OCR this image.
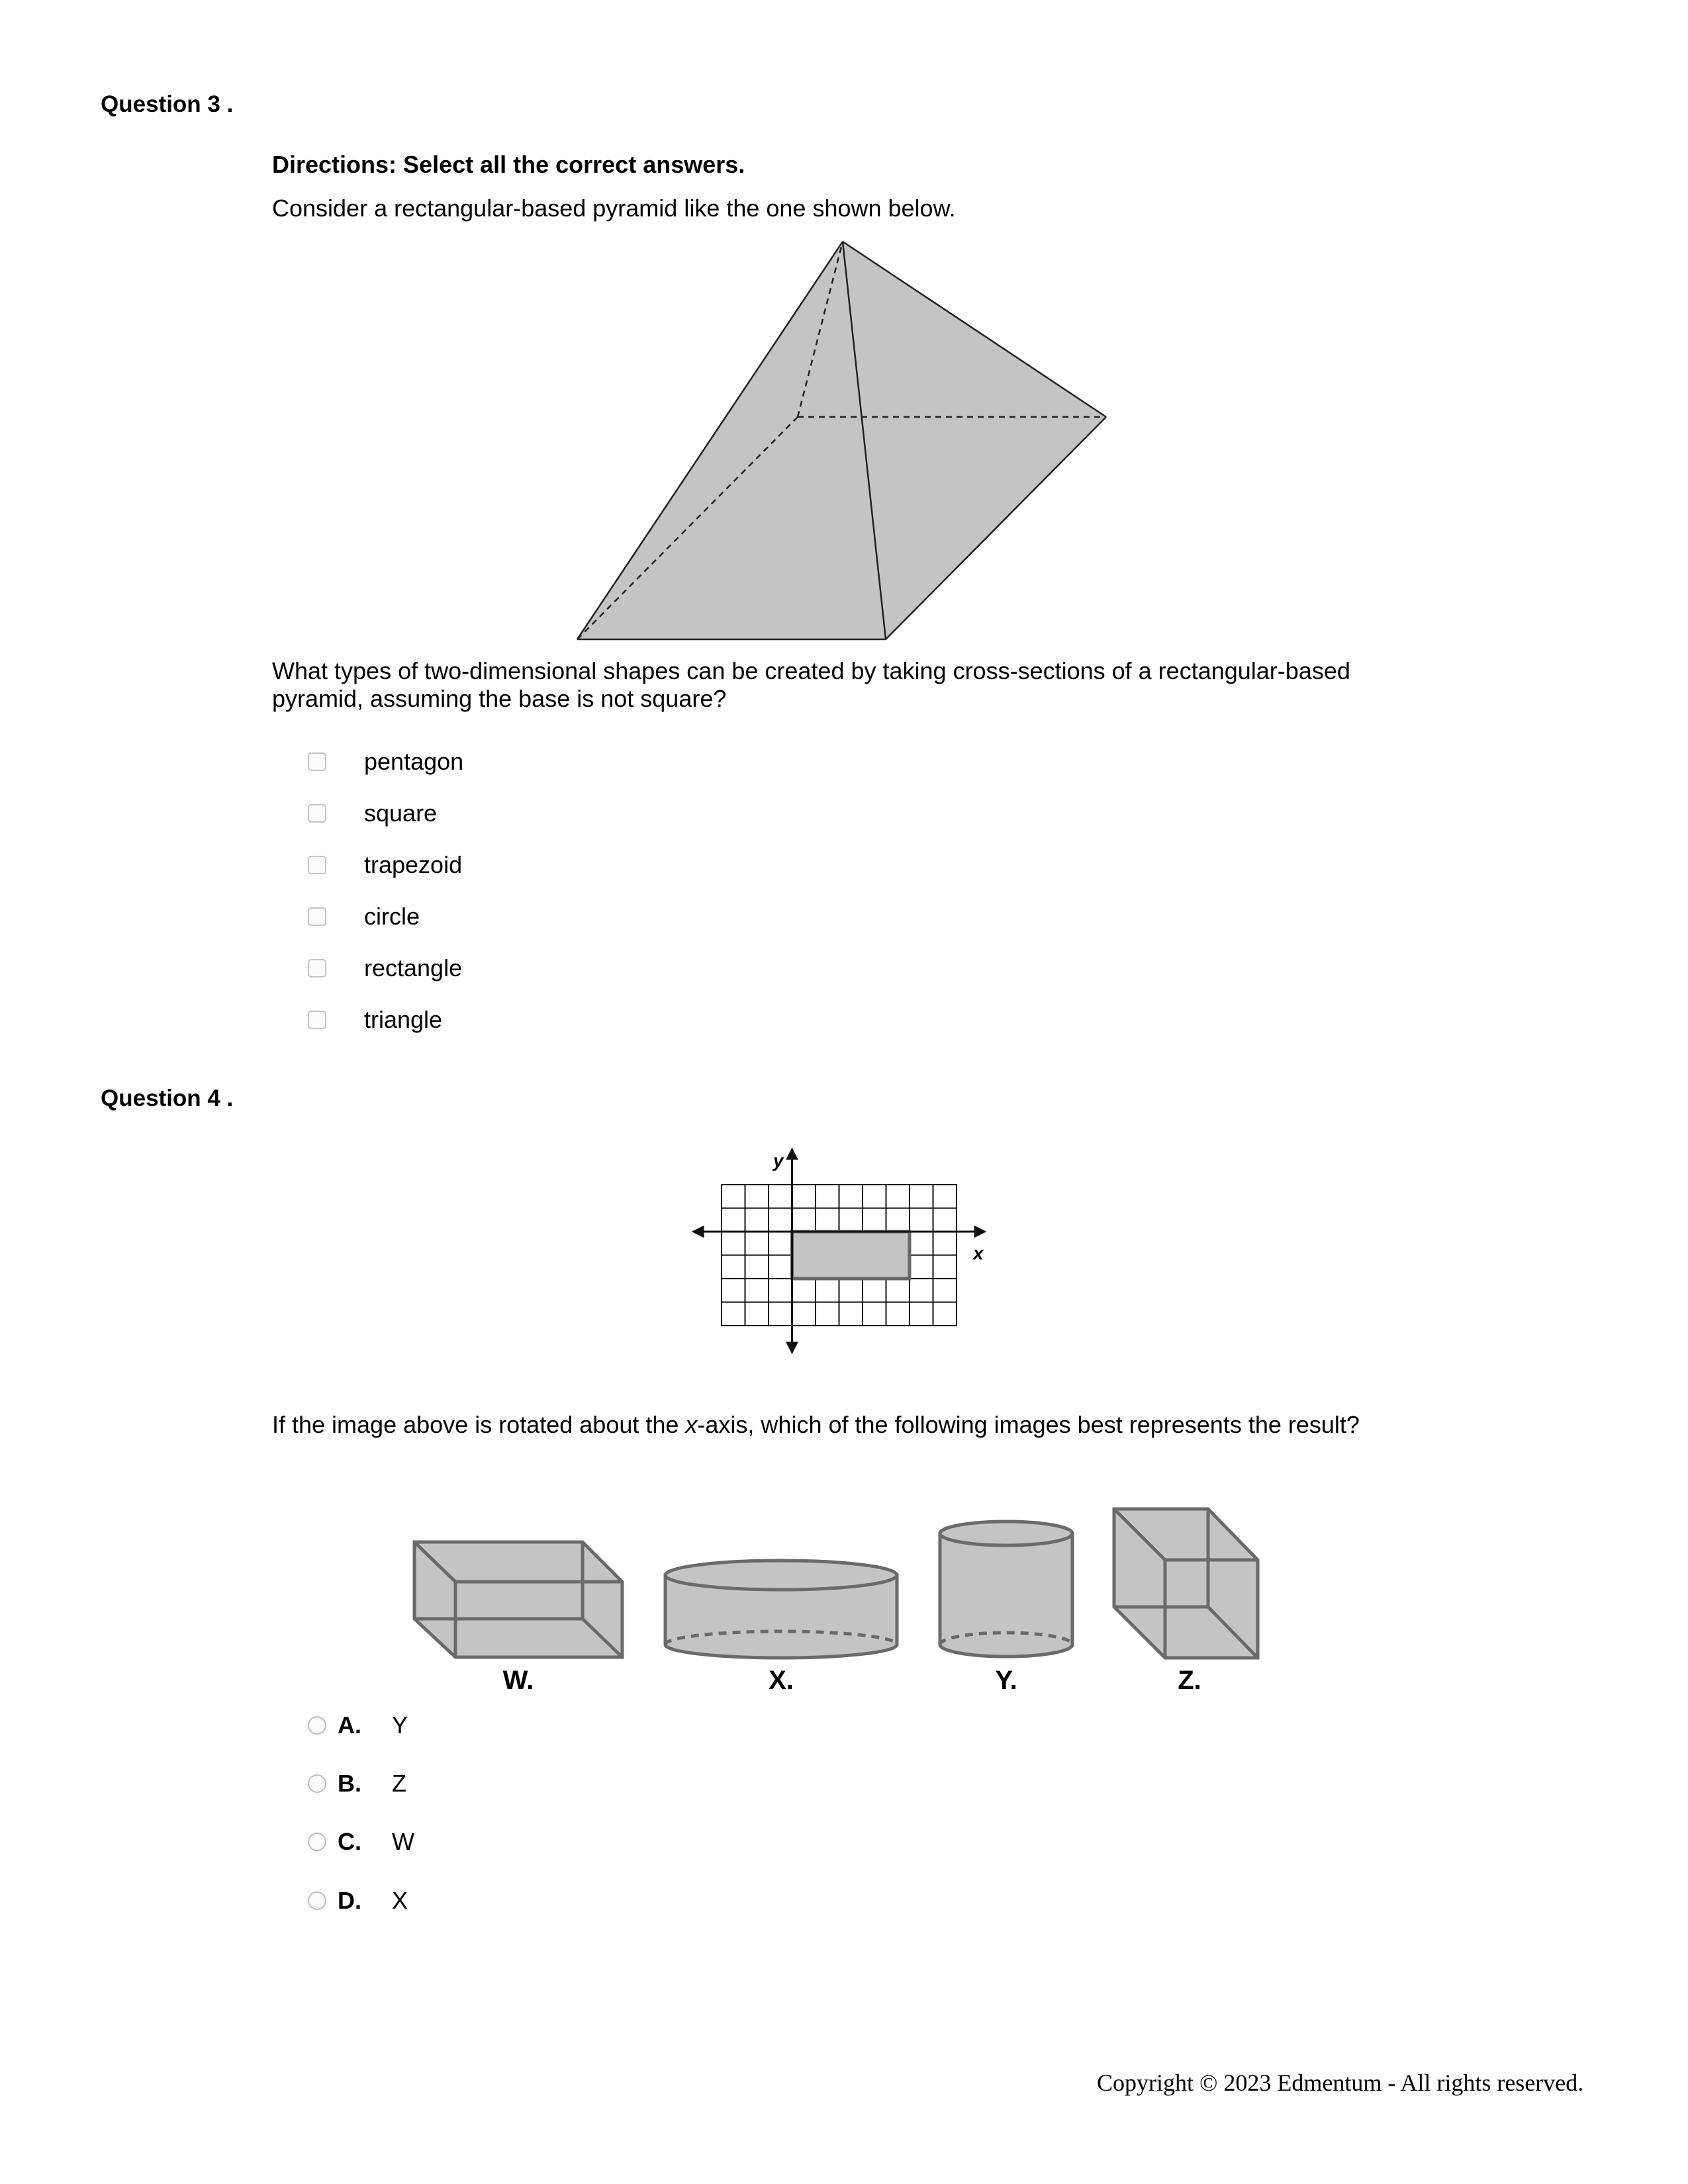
Question 3 .
Directions: Select all the correct answers.
Consider a rectangular-based pyramid like the one shown below.
What types of two-dimensional shapes can be created by taking cross-sections of a rectangular-based pyramid, assuming the base is not square?
pentagon
square
trapezoid
circle
rectangle
triangle
Question 4 .
y
x
If the image above is rotated about the x-axis, which of the following images best represents the result?
W.	X.	Y.	Z.
A. Y
B. Z
C. W
D. X
Copyright © 2023 Edmentum - All rights reserved.
